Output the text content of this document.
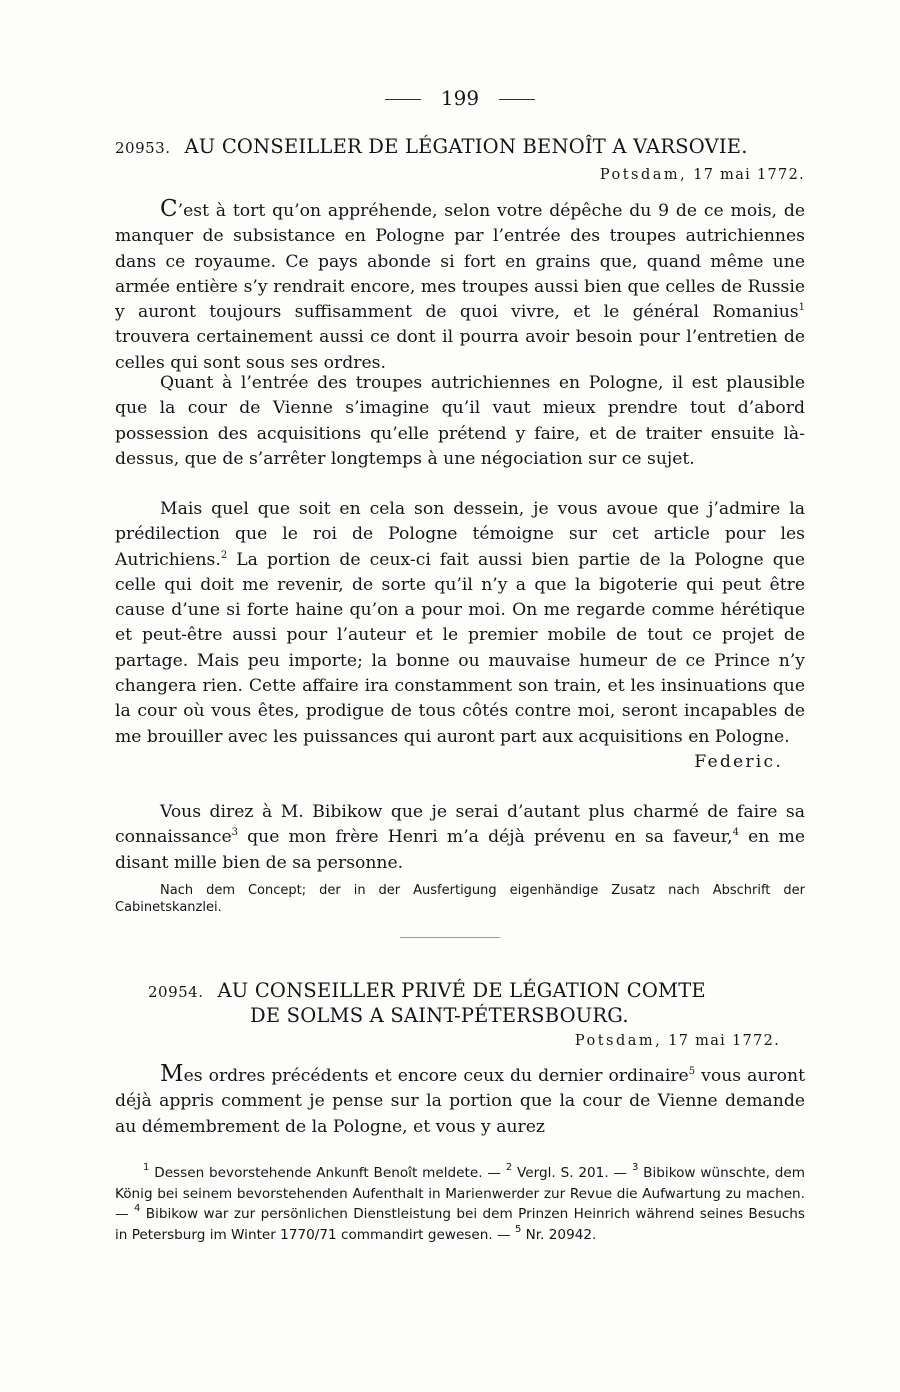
199
20953. AU CONSEILLER DE LÉGATION BENOÎT A VARSOVIE.
Potsdam, 17 mai 1772.
C’est à tort qu’on appréhende, selon votre dépêche du 9 de ce mois, de manquer de subsistance en Pologne par l’entrée des troupes autrichiennes dans ce royaume. Ce pays abonde si fort en grains que, quand même une armée entière s’y rendrait encore, mes troupes aussi bien que celles de Russie y auront toujours suffisamment de quoi vivre, et le général Romanius$^1$ trouvera certainement aussi ce dont il pourra avoir besoin pour l’entretien de celles qui sont sous ses ordres.
Quant à l’entrée des troupes autrichiennes en Pologne, il est plausible que la cour de Vienne s’imagine qu’il vaut mieux prendre tout d’abord possession des acquisitions qu’elle prétend y faire, et de traiter ensuite là-dessus, que de s’arrêter longtemps à une négociation sur ce sujet.
Mais quel que soit en cela son dessein, je vous avoue que j’admire la prédilection que le roi de Pologne témoigne sur cet article pour les Autrichiens.$^2$ La portion de ceux-ci fait aussi bien partie de la Pologne que celle qui doit me revenir, de sorte qu’il n’y a que la bigoterie qui peut être cause d’une si forte haine qu’on a pour moi. On me regarde comme hérétique et peut-être aussi pour l’auteur et le premier mobile de tout ce projet de partage. Mais peu importe; la bonne ou mauvaise humeur de ce Prince n’y changera rien. Cette affaire ira constamment son train, et les insinuations que la cour où vous êtes, prodigue de tous côtés contre moi, seront incapables de me brouiller avec les puissances qui auront part aux acquisitions en Pologne.
Federic.
Vous direz à M. Bibikow que je serai d’autant plus charmé de faire sa connaissance$^3$ que mon frère Henri m’a déjà prévenu en sa faveur,$^4$ en me disant mille bien de sa personne.
Nach dem Concept; der in der Ausfertigung eigenhändige Zusatz nach Abschrift der Cabinetskanzlei.
20954. AU CONSEILLER PRIVÉ DE LÉGATION COMTE
DE SOLMS A SAINT-PÉTERSBOURG.
Potsdam, 17 mai 1772.
Mes ordres précédents et encore ceux du dernier ordinaire$^5$ vous auront déjà appris comment je pense sur la portion que la cour de Vienne demande au démembrement de la Pologne, et vous y aurez
$^1$ Dessen bevorstehende Ankunft Benoît meldete. — $^2$ Vergl. S. 201. — $^3$ Bibikow wünschte, dem König bei seinem bevorstehenden Aufenthalt in Marienwerder zur Revue die Aufwartung zu machen. — $^4$ Bibikow war zur persönlichen Dienstleistung bei dem Prinzen Heinrich während seines Besuchs in Petersburg im Winter 1770/71 commandirt gewesen. — $^5$ Nr. 20942.
